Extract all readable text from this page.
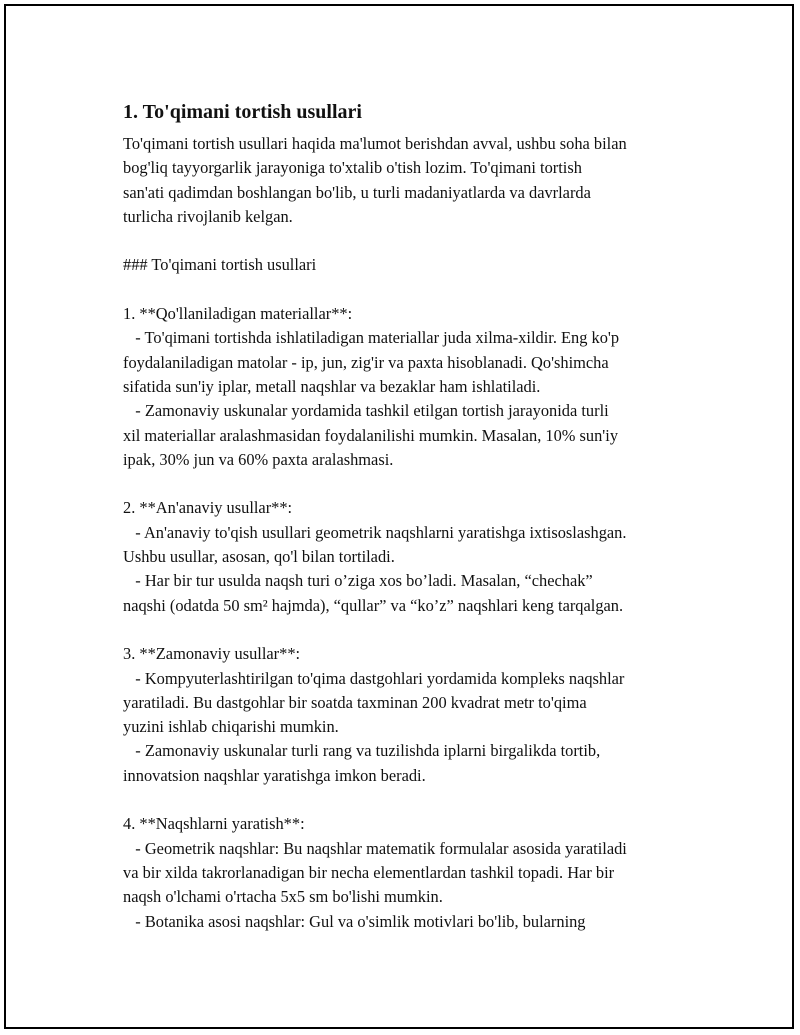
1. To'qimani tortish usullari
To'qimani tortish usullari haqida ma'lumot berishdan avval, ushbu soha bilan
bog'liq tayyorgarlik jarayoniga to'xtalib o'tish lozim. To'qimani tortish
san'ati qadimdan boshlangan bo'lib, u turli madaniyatlarda va davrlarda
turlicha rivojlanib kelgan.
### To'qimani tortish usullari
1. **Qo'llaniladigan materiallar**:
- To'qimani tortishda ishlatiladigan materiallar juda xilma-xildir. Eng ko'p
foydalaniladigan matolar - ip, jun, zig'ir va paxta hisoblanadi. Qo'shimcha
sifatida sun'iy iplar, metall naqshlar va bezaklar ham ishlatiladi.
- Zamonaviy uskunalar yordamida tashkil etilgan tortish jarayonida turli
xil materiallar aralashmasidan foydalanilishi mumkin. Masalan, 10% sun'iy
ipak, 30% jun va 60% paxta aralashmasi.
2. **An'anaviy usullar**:
- An'anaviy to'qish usullari geometrik naqshlarni yaratishga ixtisoslashgan.
Ushbu usullar, asosan, qo'l bilan tortiladi.
- Har bir tur usulda naqsh turi o’ziga xos bo’ladi. Masalan, “chechak”
naqshi (odatda 50 sm² hajmda), “qullar” va “ko’z” naqshlari keng tarqalgan.
3. **Zamonaviy usullar**:
- Kompyuterlashtirilgan to'qima dastgohlari yordamida kompleks naqshlar
yaratiladi. Bu dastgohlar bir soatda taxminan 200 kvadrat metr to'qima
yuzini ishlab chiqarishi mumkin.
- Zamonaviy uskunalar turli rang va tuzilishda iplarni birgalikda tortib,
innovatsion naqshlar yaratishga imkon beradi.
4. **Naqshlarni yaratish**:
- Geometrik naqshlar: Bu naqshlar matematik formulalar asosida yaratiladi
va bir xilda takrorlanadigan bir necha elementlardan tashkil topadi. Har bir
naqsh o'lchami o'rtacha 5x5 sm bo'lishi mumkin.
- Botanika asosi naqshlar: Gul va o'simlik motivlari bo'lib, bularning
